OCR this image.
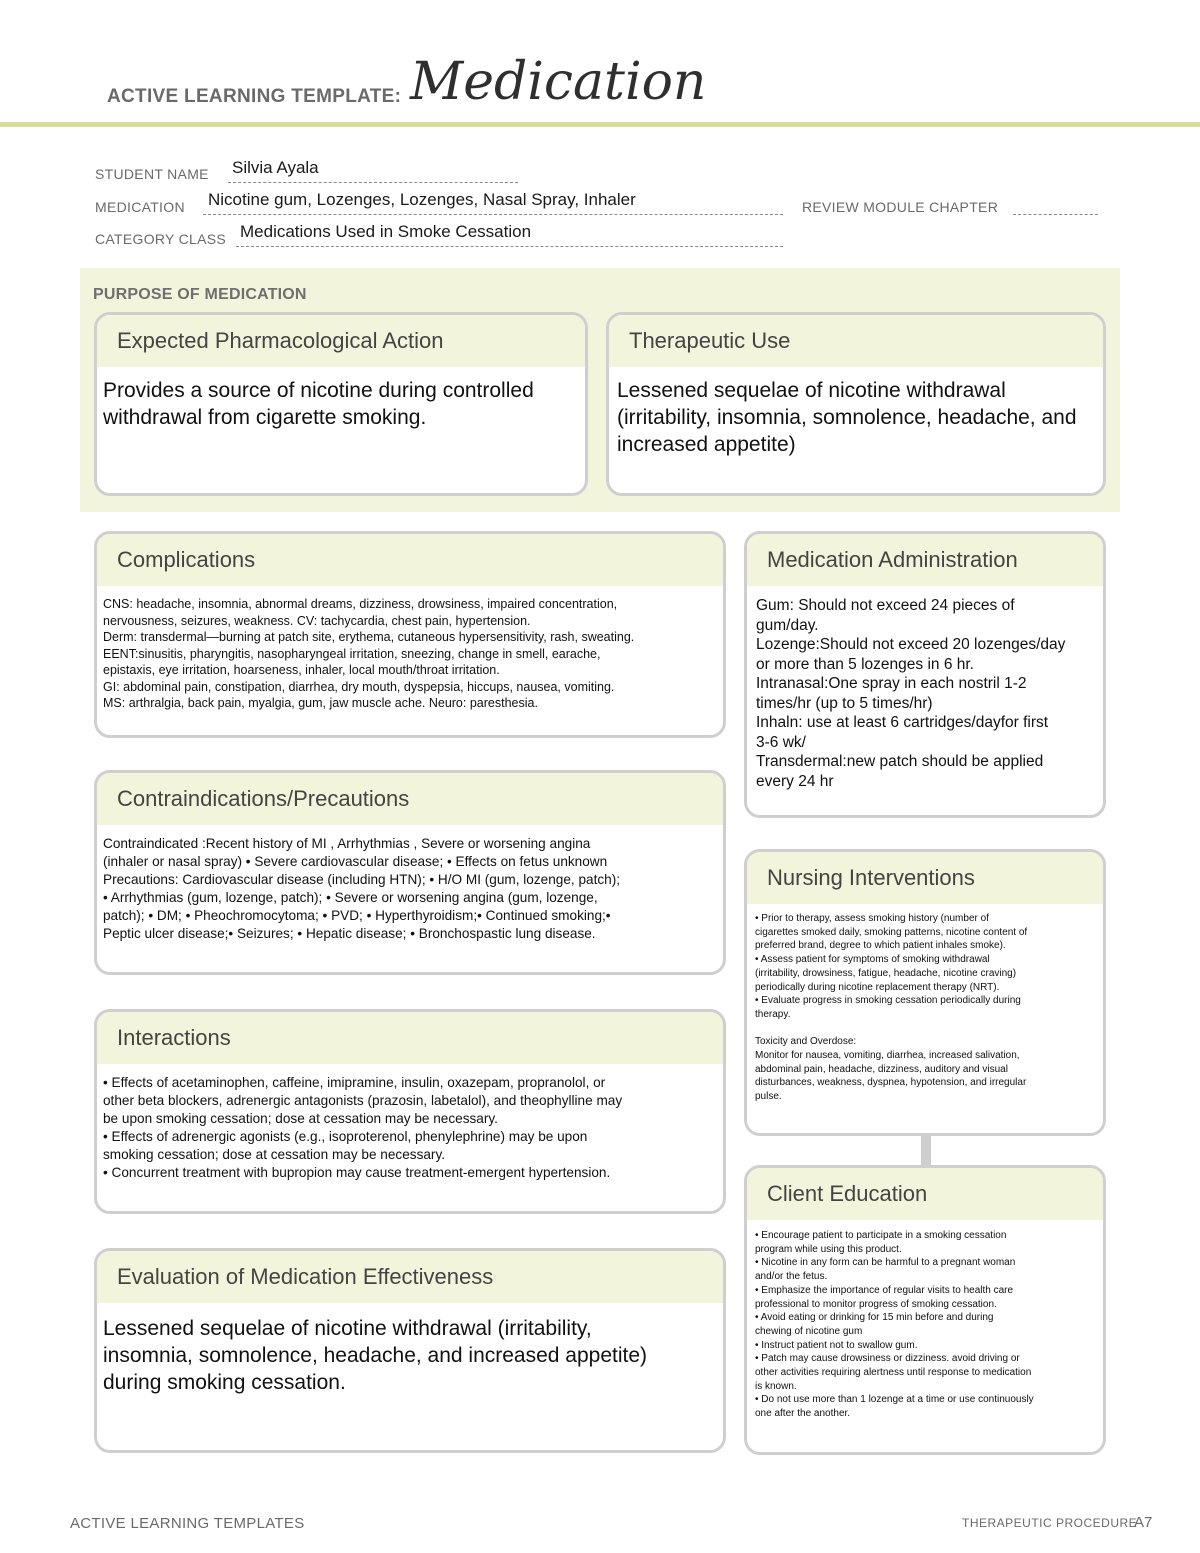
ACTIVE LEARNING TEMPLATE: Medication
STUDENT NAME Silvia Ayala
MEDICATION Nicotine gum, Lozenges, Lozenges, Nasal Spray, Inhaler	REVIEW MODULE CHAPTER
CATEGORY CLASS Medications Used in Smoke Cessation
PURPOSE OF MEDICATION
Expected Pharmacological Action
Provides a source of nicotine during controlled withdrawal from cigarette smoking.
Therapeutic Use
Lessened sequelae of nicotine withdrawal (irritability, insomnia, somnolence, headache, and increased appetite)
Complications
CNS: headache, insomnia, abnormal dreams, dizziness, drowsiness, impaired concentration,
nervousness, seizures, weakness. CV: tachycardia, chest pain, hypertension.
Derm: transdermal—burning at patch site, erythema, cutaneous hypersensitivity, rash, sweating.
EENT:sinusitis, pharyngitis, nasopharyngeal irritation, sneezing, change in smell, earache,
epistaxis, eye irritation, hoarseness, inhaler, local mouth/throat irritation.
GI: abdominal pain, constipation, diarrhea, dry mouth, dyspepsia, hiccups, nausea, vomiting.
MS: arthralgia, back pain, myalgia, gum, jaw muscle ache. Neuro: paresthesia.
Medication Administration
Gum: Should not exceed 24 pieces of
gum/day.
Lozenge:Should not exceed 20 lozenges/day
or more than 5 lozenges in 6 hr.
Intranasal:One spray in each nostril 1-2
times/hr (up to 5 times/hr)
Inhaln: use at least 6 cartridges/dayfor first
3-6 wk/
Transdermal:new patch should be applied
every 24 hr
Contraindications/Precautions
Contraindicated :Recent history of MI , Arrhythmias , Severe or worsening angina
(inhaler or nasal spray) • Severe cardiovascular disease; • Effects on fetus unknown
Precautions: Cardiovascular disease (including HTN); • H/O MI (gum, lozenge, patch);
• Arrhythmias (gum, lozenge, patch); • Severe or worsening angina (gum, lozenge,
patch); • DM; • Pheochromocytoma; • PVD; • Hyperthyroidism;• Continued smoking;•
Peptic ulcer disease;• Seizures; • Hepatic disease; • Bronchospastic lung disease.
Nursing Interventions
• Prior to therapy, assess smoking history (number of
cigarettes smoked daily, smoking patterns, nicotine content of
preferred brand, degree to which patient inhales smoke).
• Assess patient for symptoms of smoking withdrawal
(irritability, drowsiness, fatigue, headache, nicotine craving)
periodically during nicotine replacement therapy (NRT).
• Evaluate progress in smoking cessation periodically during
therapy.
Toxicity and Overdose:
Monitor for nausea, vomiting, diarrhea, increased salivation,
abdominal pain, headache, dizziness, auditory and visual
disturbances, weakness, dyspnea, hypotension, and irregular
pulse.
Interactions
• Effects of acetaminophen, caffeine, imipramine, insulin, oxazepam, propranolol, or
other beta blockers, adrenergic antagonists (prazosin, labetalol), and theophylline may
be upon smoking cessation; dose at cessation may be necessary.
• Effects of adrenergic agonists (e.g., isoproterenol, phenylephrine) may be upon
smoking cessation; dose at cessation may be necessary.
• Concurrent treatment with bupropion may cause treatment-emergent hypertension.
Client Education
• Encourage patient to participate in a smoking cessation
program while using this product.
• Nicotine in any form can be harmful to a pregnant woman
and/or the fetus.
• Emphasize the importance of regular visits to health care
professional to monitor progress of smoking cessation.
• Avoid eating or drinking for 15 min before and during
chewing of nicotine gum
• Instruct patient not to swallow gum.
• Patch may cause drowsiness or dizziness. avoid driving or
other activities requiring alertness until response to medication
is known.
• Do not use more than 1 lozenge at a time or use continuously
one after the another.
Evaluation of Medication Effectiveness
Lessened sequelae of nicotine withdrawal (irritability, insomnia, somnolence, headache, and increased appetite) during smoking cessation.
ACTIVE LEARNING TEMPLATES	THERAPEUTIC PROCEDURE
A7
